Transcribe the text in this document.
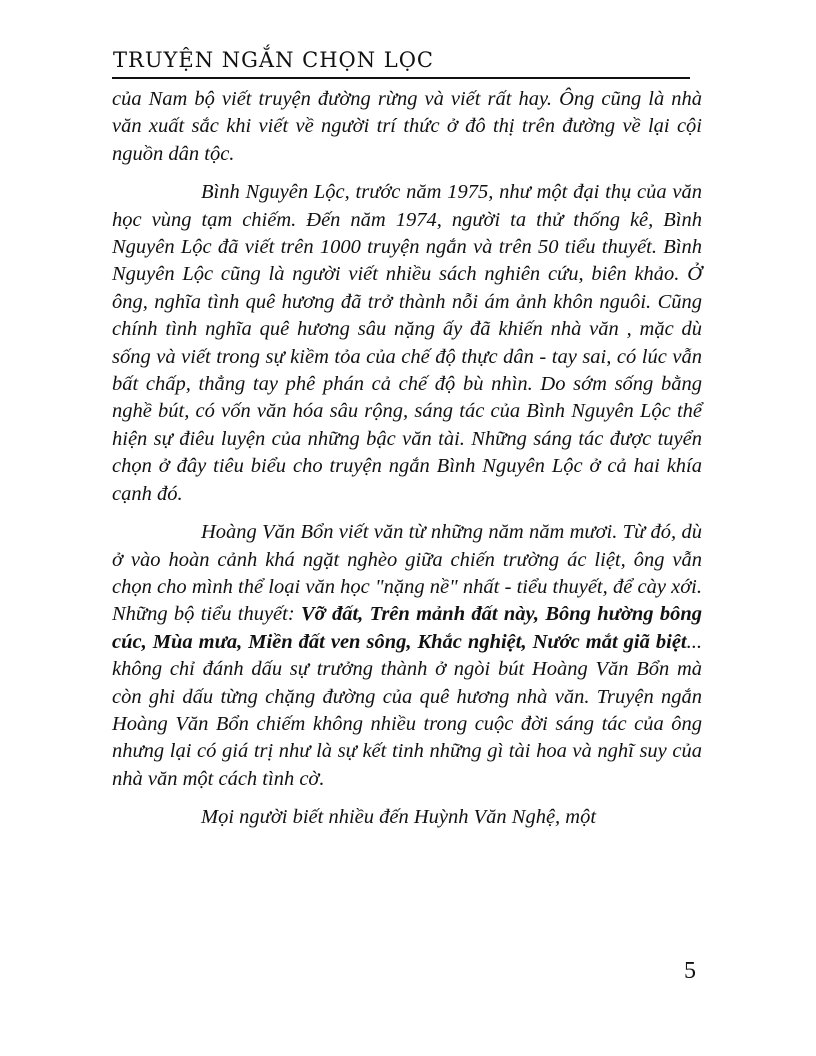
TRUYỆN NGẮN CHỌN LỌC

của Nam bộ viết truyện đường rừng và viết rất hay. Ông cũng là nhà văn xuất sắc khi viết về người trí thức ở đô thị trên đường về lại cội nguồn dân tộc.

Bình Nguyên Lộc, trước năm 1975, như một đại thụ của văn học vùng tạm chiếm. Đến năm 1974, người ta thử thống kê, Bình Nguyên Lộc đã viết trên 1000 truyện ngắn và trên 50 tiểu thuyết. Bình Nguyên Lộc cũng là người viết nhiều sách nghiên cứu, biên khảo. Ở ông, nghĩa tình quê hương đã trở thành nỗi ám ảnh khôn nguôi. Cũng chính tình nghĩa quê hương sâu nặng ấy đã khiến nhà văn , mặc dù sống và viết trong sự kiềm tỏa của chế độ thực dân - tay sai, có lúc vẫn bất chấp, thẳng tay phê phán cả chế độ bù nhìn. Do sớm sống bằng nghề bút, có vốn văn hóa sâu rộng, sáng tác của Bình Nguyên Lộc thể hiện sự điêu luyện của những bậc văn tài. Những sáng tác được tuyển chọn ở đây tiêu biểu cho truyện ngắn Bình Nguyên Lộc ở cả hai khía cạnh đó.

Hoàng Văn Bổn viết văn từ những năm năm mươi. Từ đó, dù ở vào hoàn cảnh khá ngặt nghèo giữa chiến trường ác liệt, ông vẫn chọn cho mình thể loại văn học "nặng nề" nhất - tiểu thuyết, để cày xới. Những bộ tiểu thuyết: Vỡ đất, Trên mảnh đất này, Bông hường bông cúc, Mùa mưa, Miền đất ven sông, Khắc nghiệt, Nước mắt giã biệt... không chỉ đánh dấu sự trưởng thành ở ngòi bút Hoàng Văn Bổn mà còn ghi dấu từng chặng đường của quê hương nhà văn. Truyện ngắn Hoàng Văn Bổn chiếm không nhiều trong cuộc đời sáng tác của ông nhưng lại có giá trị như là sự kết tinh những gì tài hoa và nghĩ suy của nhà văn một cách tình cờ.

Mọi người biết nhiều đến Huỳnh Văn Nghệ, một

5
